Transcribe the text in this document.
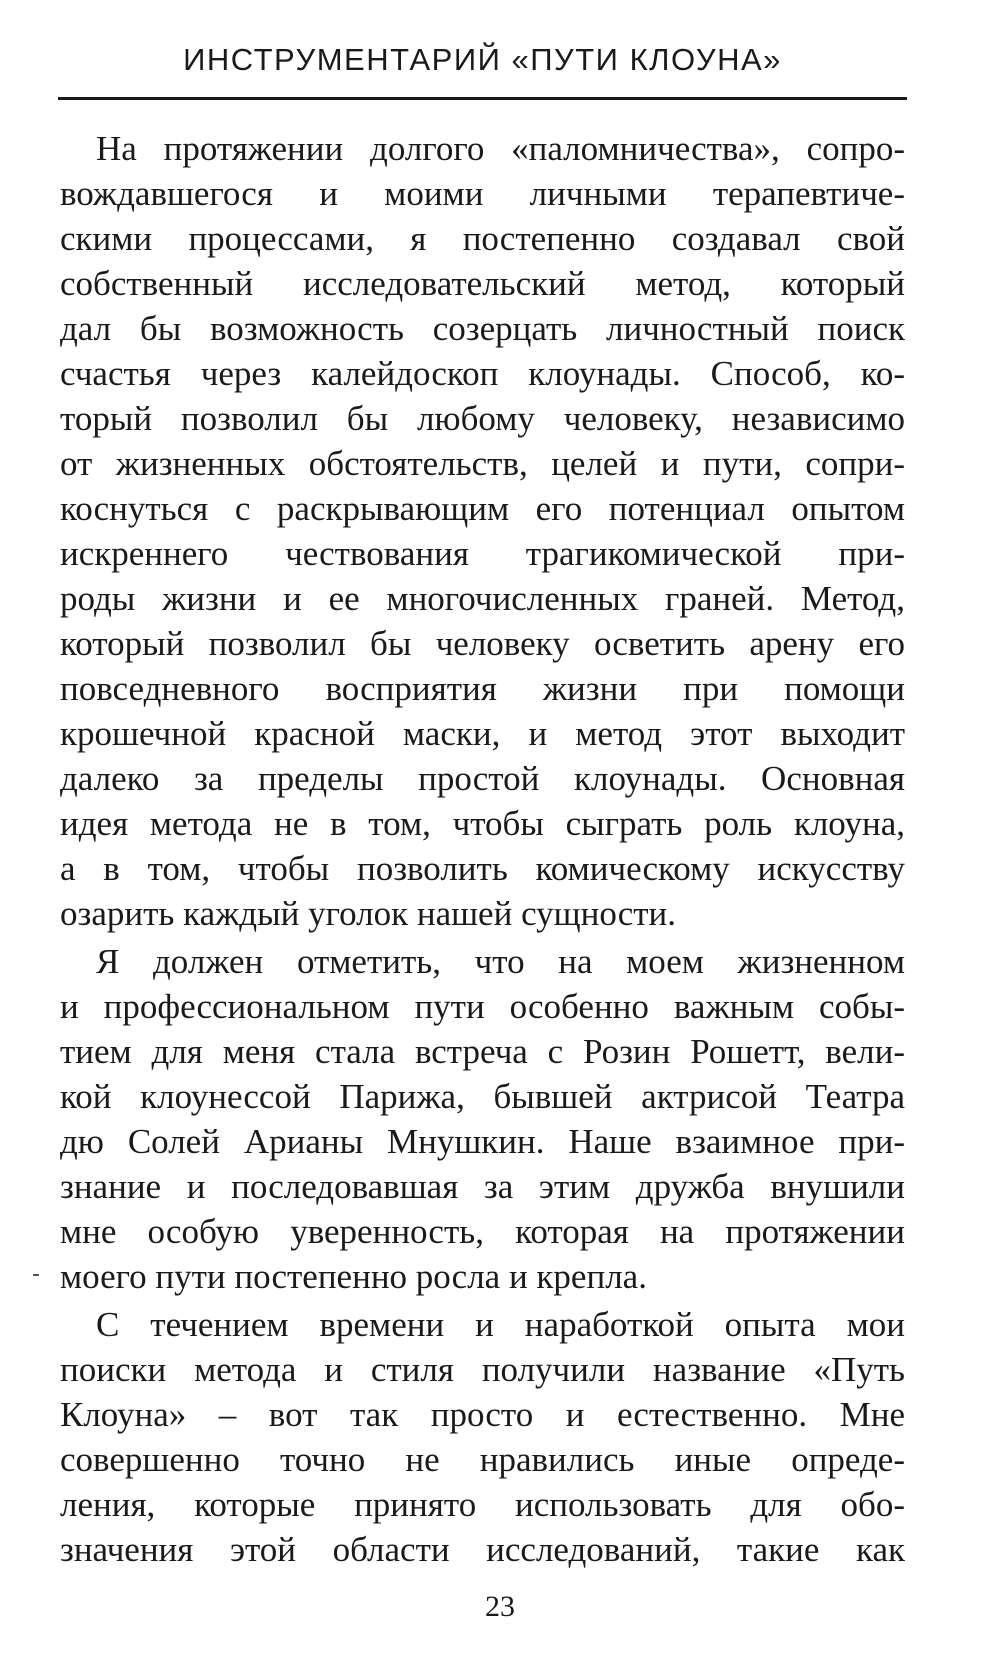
ИНСТРУМЕНТАРИЙ «ПУТИ КЛОУНА»
На протяжении долгого «паломничества», сопро-
вождавшегося и моими личными терапевтиче-
скими процессами, я постепенно создавал свой
собственный исследовательский метод, который
дал бы возможность созерцать личностный поиск
счастья через калейдоскоп клоунады. Способ, ко-
торый позволил бы любому человеку, независимо
от жизненных обстоятельств, целей и пути, сопри-
коснуться с раскрывающим его потенциал опытом
искреннего чествования трагикомической при-
роды жизни и ее многочисленных граней. Метод,
который позволил бы человеку осветить арену его
повседневного восприятия жизни при помощи
крошечной красной маски, и метод этот выходит
далеко за пределы простой клоунады. Основная
идея метода не в том, чтобы сыграть роль клоуна,
а в том, чтобы позволить комическому искусству
озарить каждый уголок нашей сущности.
Я должен отметить, что на моем жизненном
и профессиональном пути особенно важным собы-
тием для меня стала встреча с Розин Рошетт, вели-
кой клоунессой Парижа, бывшей актрисой Театра
дю Солей Арианы Мнушкин. Наше взаимное при-
знание и последовавшая за этим дружба внушили
мне особую уверенность, которая на протяжении
моего пути постепенно росла и крепла.
С течением времени и наработкой опыта мои
поиски метода и стиля получили название «Путь
Клоуна» – вот так просто и естественно. Мне
совершенно точно не нравились иные опреде-
ления, которые принято использовать для обо-
значения этой области исследований, такие как
23
